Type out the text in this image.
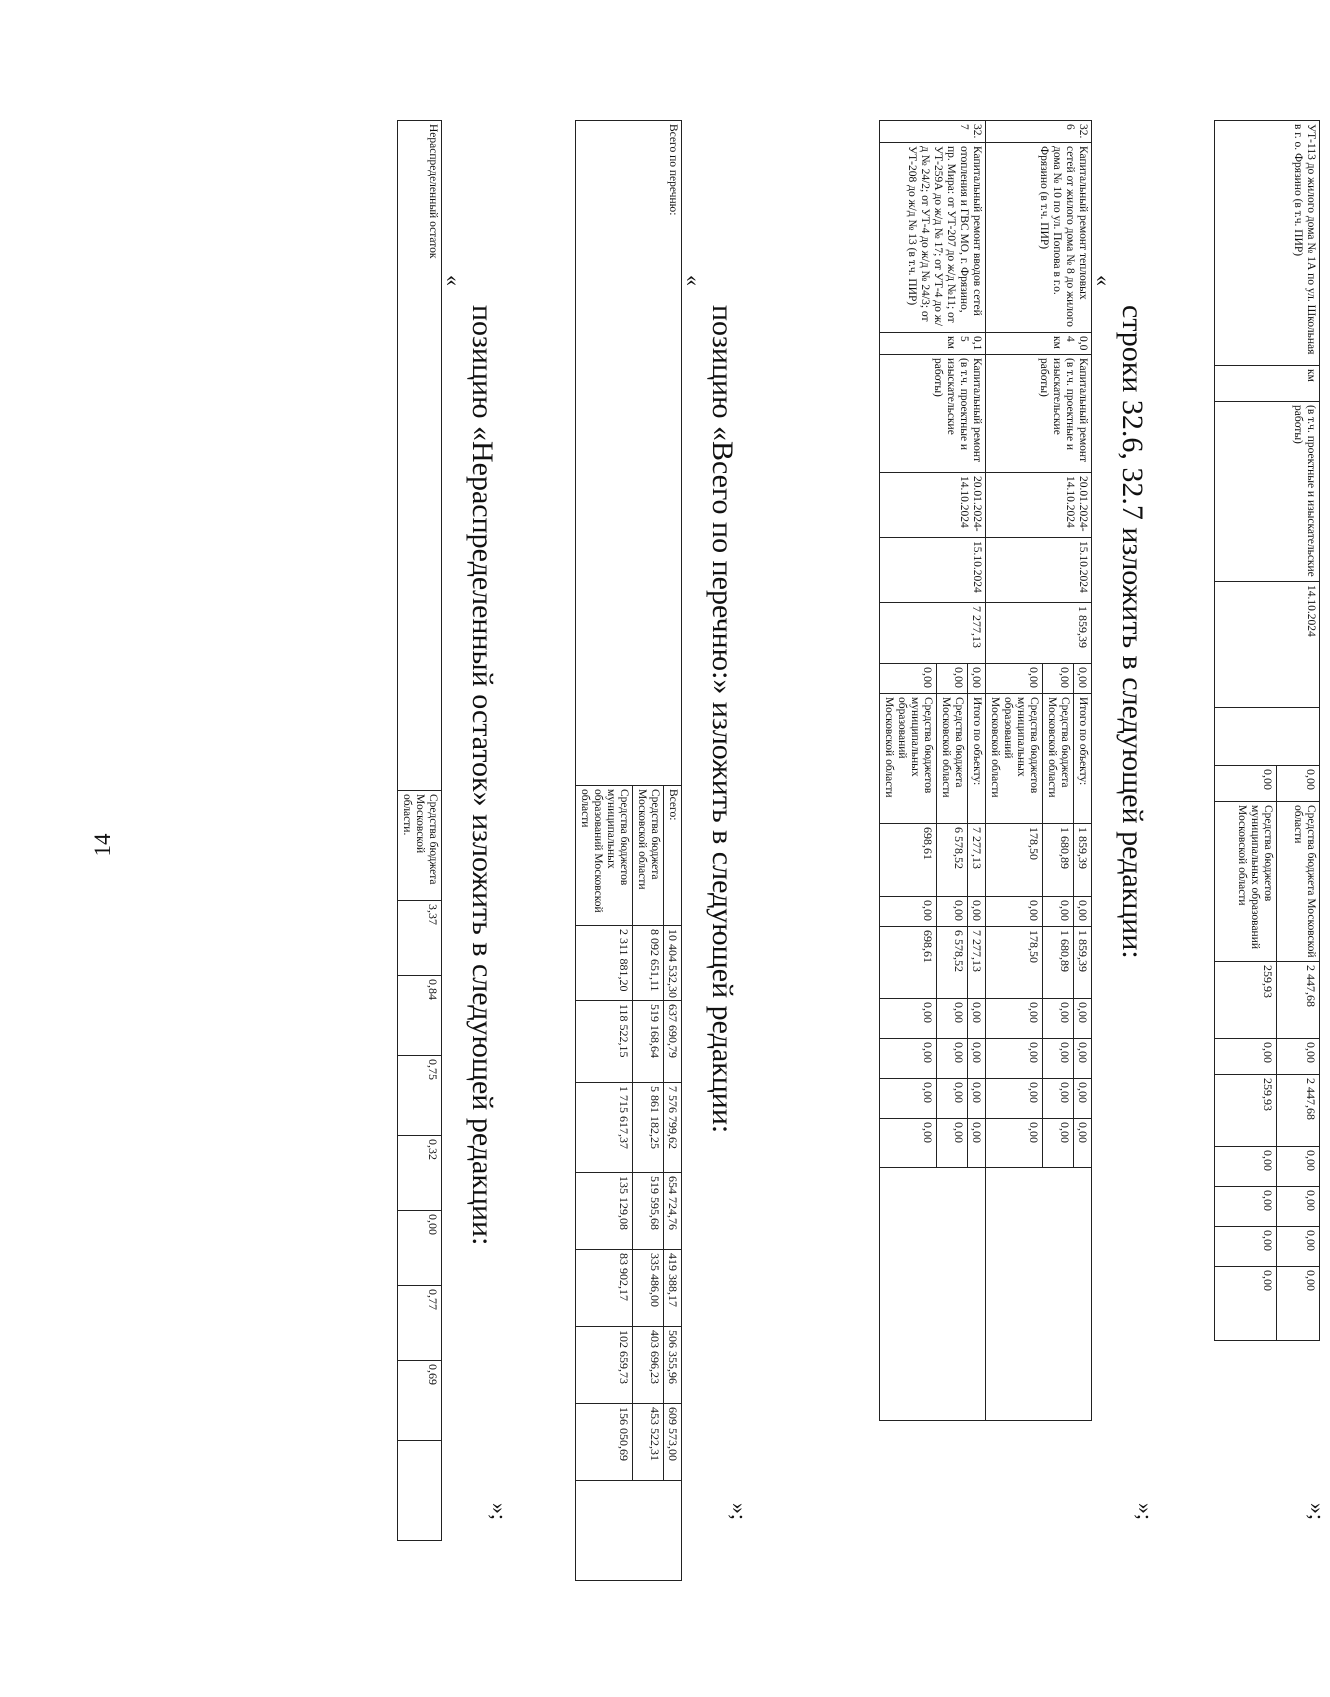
14
УТ-113 до жилого дома № 1А по ул. Школьная в г. о. Фрязино (в т.ч. ПИР)	км	(в т.ч. проектные и изыскательские работы)	14.10.2024		0,00	Средства бюджета Московской области	2 447,68	0,00	2 447,68	0,00	0,00	0,00	0,00
					0,00	Средства бюджетов муниципальных образований Московской области	259,93	0,00	259,93	0,00	0,00	0,00	0,00
»;
строки 32.6, 32.7 изложить в следующей редакции:
«
32.6	Капитальный ремонт тепловых сетей от жилого дома № 8 до жилого дома № 10 по ул. Попова в г.о. Фрязино (в т.ч. ПИР)	0,04 км	Капитальный ремонт (в т.ч. проектные и изыскательские работы)	20.01.2024-14.10.2024	15.10.2024	1 859,39	0,00	Итого по объекту:	1 859,39	0,00	1 859,39	0,00	0,00	0,00	0,00	
							0,00	Средства бюджета Московской области	1 680,89	0,00	1 680,89	0,00	0,00	0,00	0,00	
							0,00	Средства бюджетов муниципальных образований Московской области	178,50	0,00	178,50	0,00	0,00	0,00	0,00	
32.7	Капитальный ремонт вводов сетей отопления и ГВС МО, г. Фрязино, пр. Мира: от УТ-207 до ж/д №11; от УТ-259А до ж/д № 17; от УТ-4 до ж/д № 24/2; от УТ-4 до ж/д № 24/3; от УТ-208 до ж/д № 13 (в т.ч. ПИР)	0,15 км	Капитальный ремонт (в т.ч. проектные и изыскательские работы)	20.01.2024-14.10.2024	15.10.2024	7 277,13	0,00	Итого по объекту:	7 277,13	0,00	7 277,13	0,00	0,00	0,00	0,00	
							0,00	Средства бюджета Московской области	6 578,52	0,00	6 578,52	0,00	0,00	0,00	0,00	
							0,00	Средства бюджетов муниципальных образований Московской области	698,61	0,00	698,61	0,00	0,00	0,00	0,00	
»;
позицию «Всего по перечню:» изложить в следующей редакции:
«
Всего по перечню:	Всего:	10 404 532,30	637 690,79	7 576 799,62	654 724,76	419 388,17	506 355,96	609 573,00	
	Средства бюджета Московской области	8 092 651,11	519 168,64	5 861 182,25	519 595,68	335 486,00	403 696,23	453 522,31	
	Средства бюджетов муниципальных образований Московской области	2 311 881,20	118 522,15	1 715 617,37	135 129,08	83 902,17	102 659,73	156 050,69	
»;
позицию «Нераспределенный остаток» изложить в следующей редакции:
«
Нераспределенный остаток	Средства бюджета Московской области.	3,37	0,84	0,75	0,32	0,00	0,77	0,69	
»;
